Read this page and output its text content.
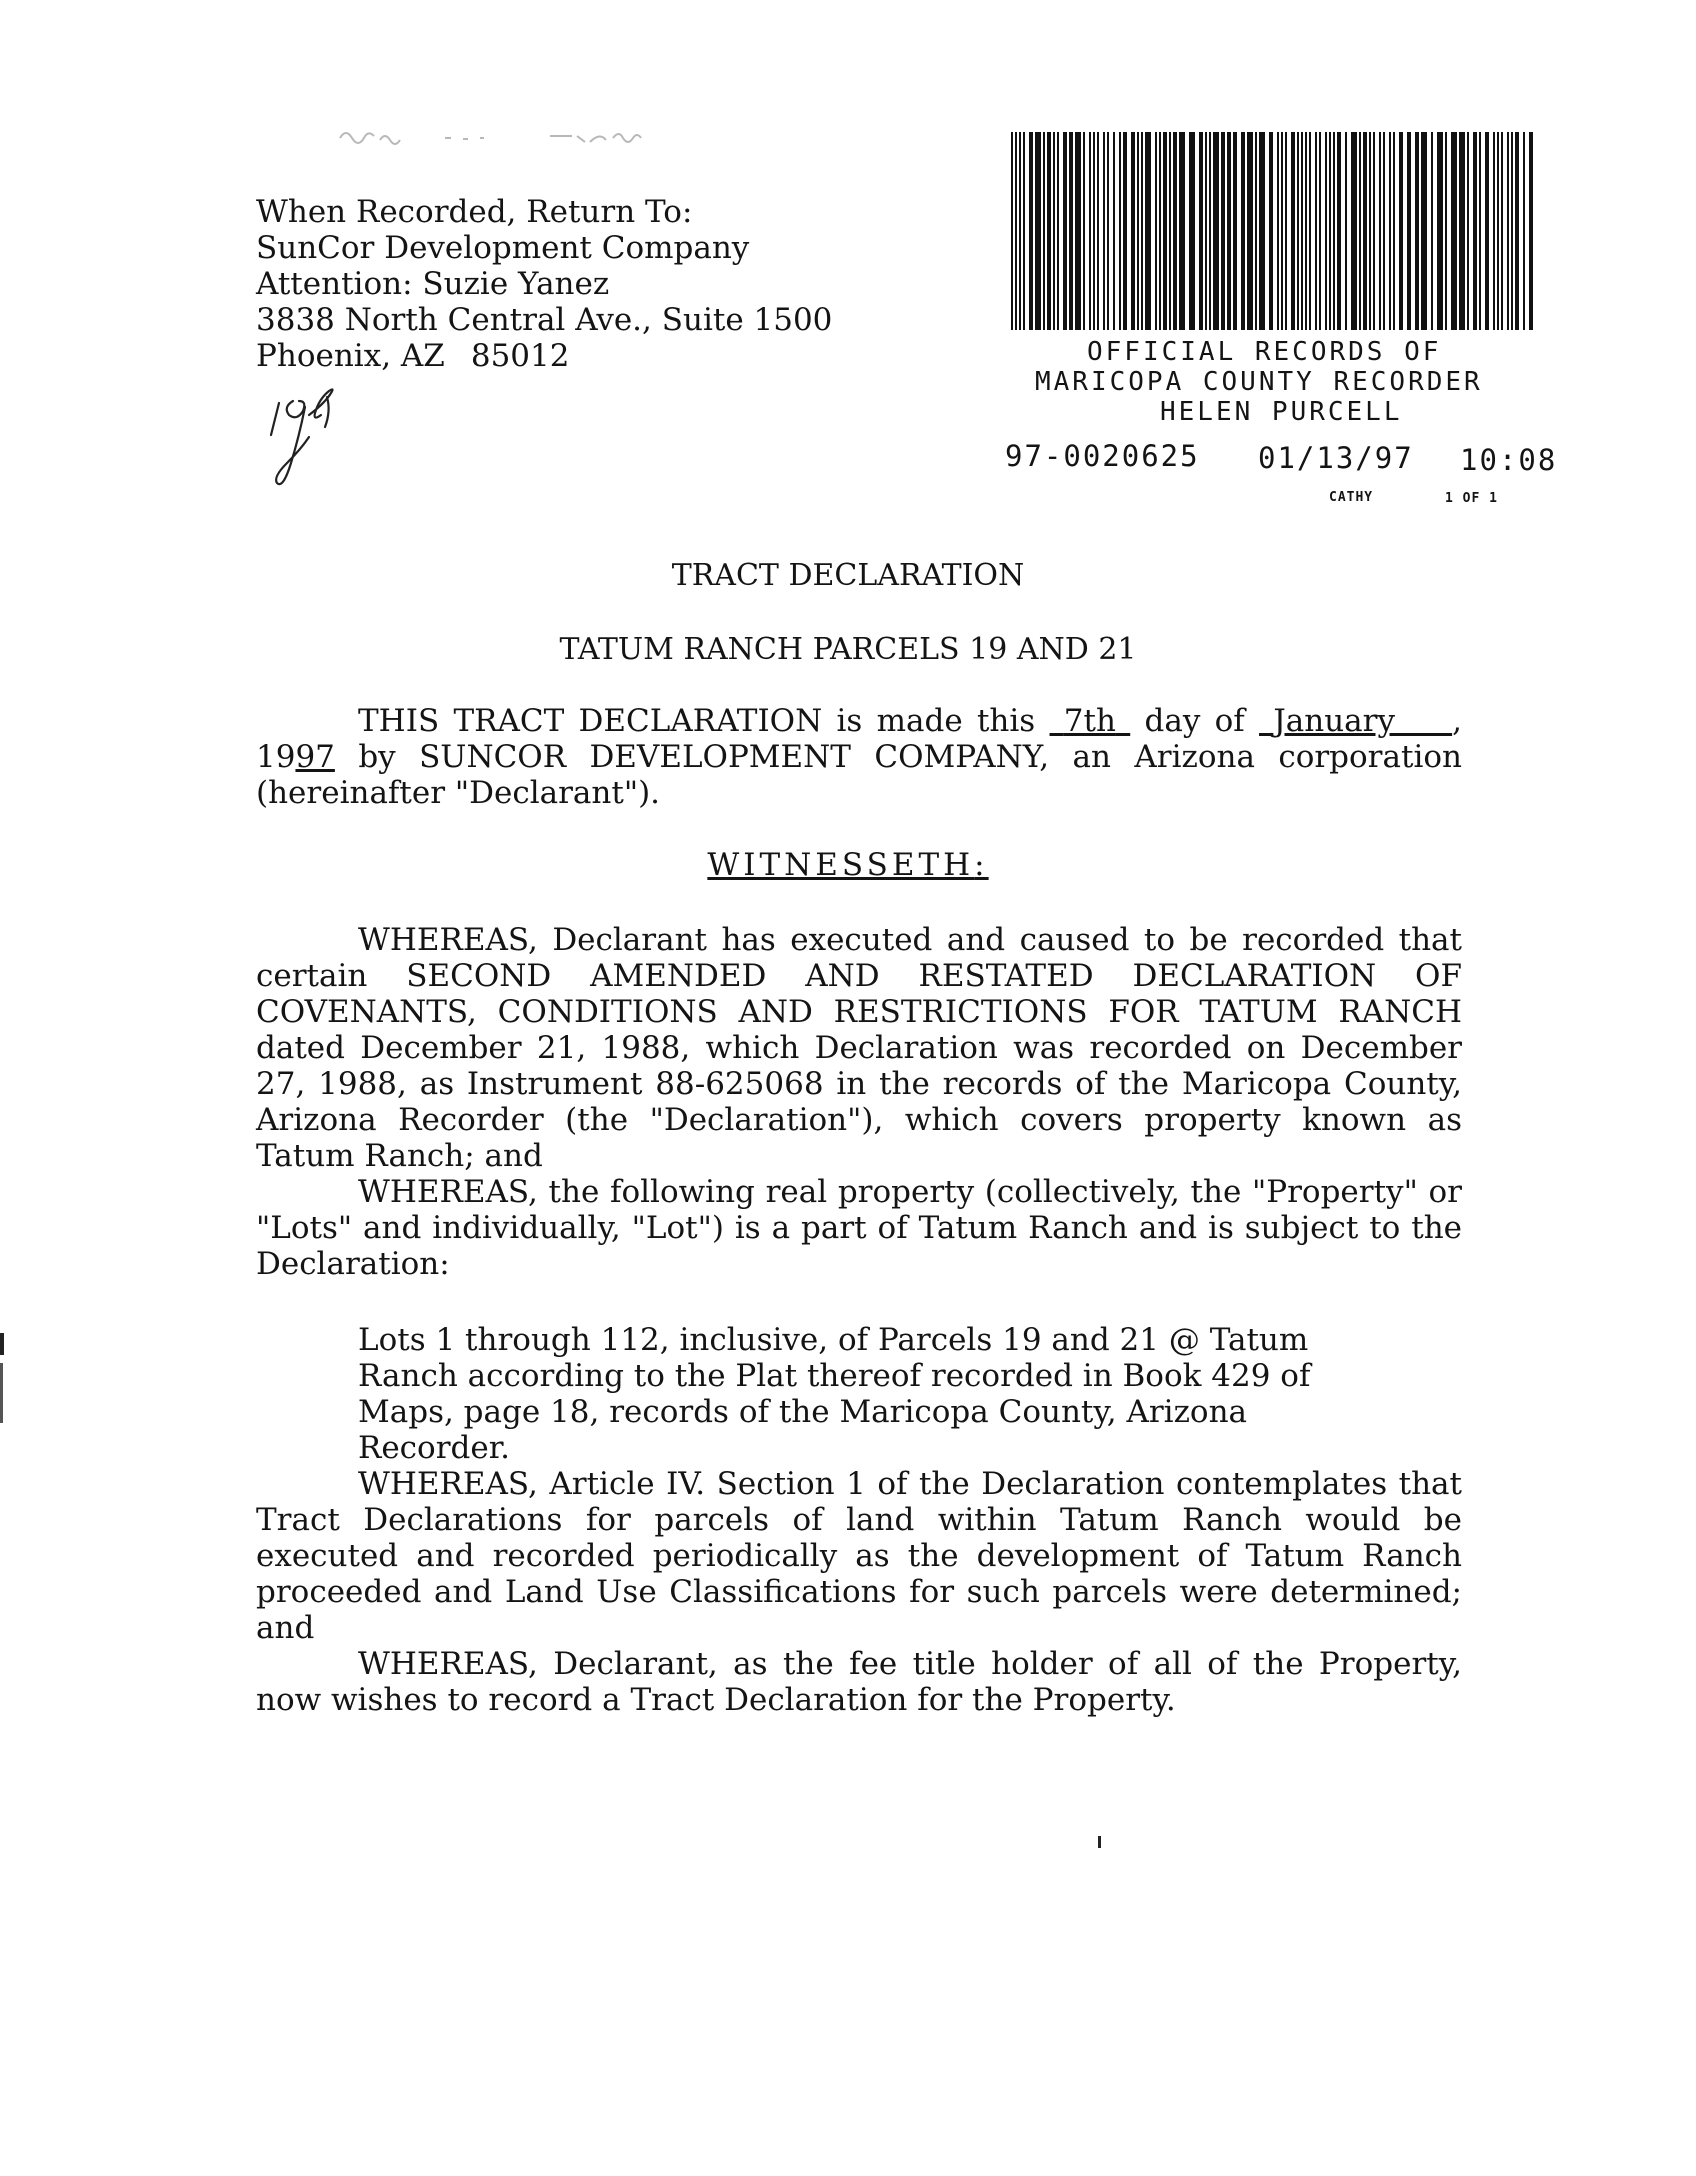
When Recorded, Return To:
SunCor Development Company
Attention: Suzie Yanez
3838 North Central Ave., Suite 1500
Phoenix, AZ 85012	OFFICIAL RECORDS OF
MARICOPA COUNTY RECORDER
HELEN PURCELL
97-0020625 01/13/97 10:08
CATHY	1 OF 1
TRACT DECLARATION
TATUM RANCH PARCELS 19 AND 21
THIS TRACT DECLARATION is made this 7th day of January , 1997 by SUNCOR DEVELOPMENT COMPANY, an Arizona corporation (hereinafter "Declarant").
WITNESSETH:
WHEREAS, Declarant has executed and caused to be recorded that certain SECOND AMENDED AND RESTATED DECLARATION OF COVENANTS, CONDITIONS AND RESTRICTIONS FOR TATUM RANCH dated December 21, 1988, which Declaration was recorded on December 27, 1988, as Instrument 88-625068 in the records of the Maricopa County, Arizona Recorder (the "Declaration"), which covers property known as Tatum Ranch; and
WHEREAS, the following real property (collectively, the "Property" or "Lots" and individually, "Lot") is a part of Tatum Ranch and is subject to the Declaration:
Lots 1 through 112, inclusive, of Parcels 19 and 21 @ Tatum Ranch according to the Plat thereof recorded in Book 429 of Maps, page 18, records of the Maricopa County, Arizona Recorder.
WHEREAS, Article IV. Section 1 of the Declaration contemplates that Tract Declarations for parcels of land within Tatum Ranch would be executed and recorded periodically as the development of Tatum Ranch proceeded and Land Use Classifications for such parcels were determined; and
WHEREAS, Declarant, as the fee title holder of all of the Property, now wishes to record a Tract Declaration for the Property.
